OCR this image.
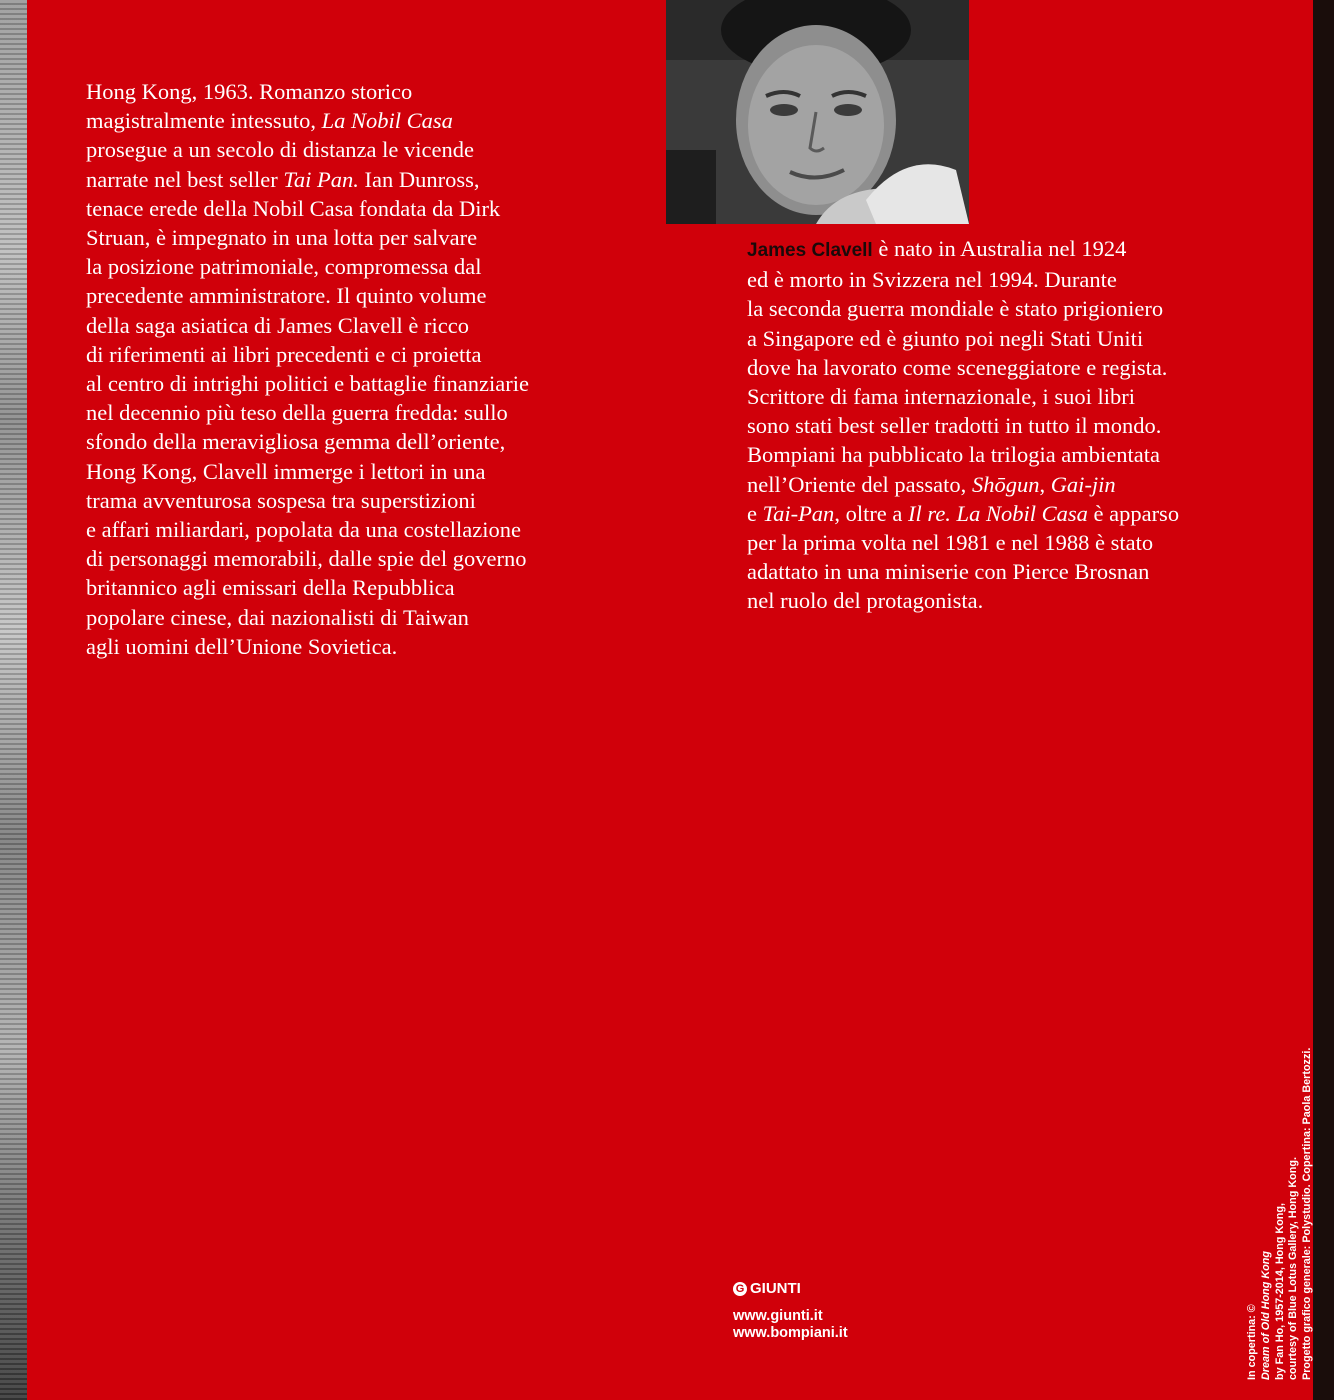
Hong Kong, 1963. Romanzo storico
magistralmente intessuto, La Nobil Casa
prosegue a un secolo di distanza le vicende
narrate nel best seller Tai Pan. Ian Dunross,
tenace erede della Nobil Casa fondata da Dirk
Struan, è impegnato in una lotta per salvare
la posizione patrimoniale, compromessa dal
precedente amministratore. Il quinto volume
della saga asiatica di James Clavell è ricco
di riferimenti ai libri precedenti e ci proietta
al centro di intrighi politici e battaglie finanziarie
nel decennio più teso della guerra fredda: sullo
sfondo della meravigliosa gemma dell’oriente,
Hong Kong, Clavell immerge i lettori in una
trama avventurosa sospesa tra superstizioni
e affari miliardari, popolata da una costellazione
di personaggi memorabili, dalle spie del governo
britannico agli emissari della Repubblica
popolare cinese, dai nazionalisti di Taiwan
agli uomini dell’Unione Sovietica.
James Clavell è nato in Australia nel 1924
ed è morto in Svizzera nel 1994. Durante
la seconda guerra mondiale è stato prigioniero
a Singapore ed è giunto poi negli Stati Uniti
dove ha lavorato come sceneggiatore e regista.
Scrittore di fama internazionale, i suoi libri
sono stati best seller tradotti in tutto il mondo.
Bompiani ha pubblicato la trilogia ambientata
nell’Oriente del passato, Shōgun, Gai-jin
e Tai-Pan, oltre a Il re. La Nobil Casa è apparso
per la prima volta nel 1981 e nel 1988 è stato
adattato in una miniserie con Pierce Brosnan
nel ruolo del protagonista.
G GIUNTI
www.giunti.it
www.bompiani.it	In copertina: © Dream of Old Hong Kong by Fan Ho, 1957-2014, Hong Kong, courtesy of Blue Lotus Gallery, Hong Kong. Progetto grafico generale: Polystudio. Copertina: Paola Bertozzi.
